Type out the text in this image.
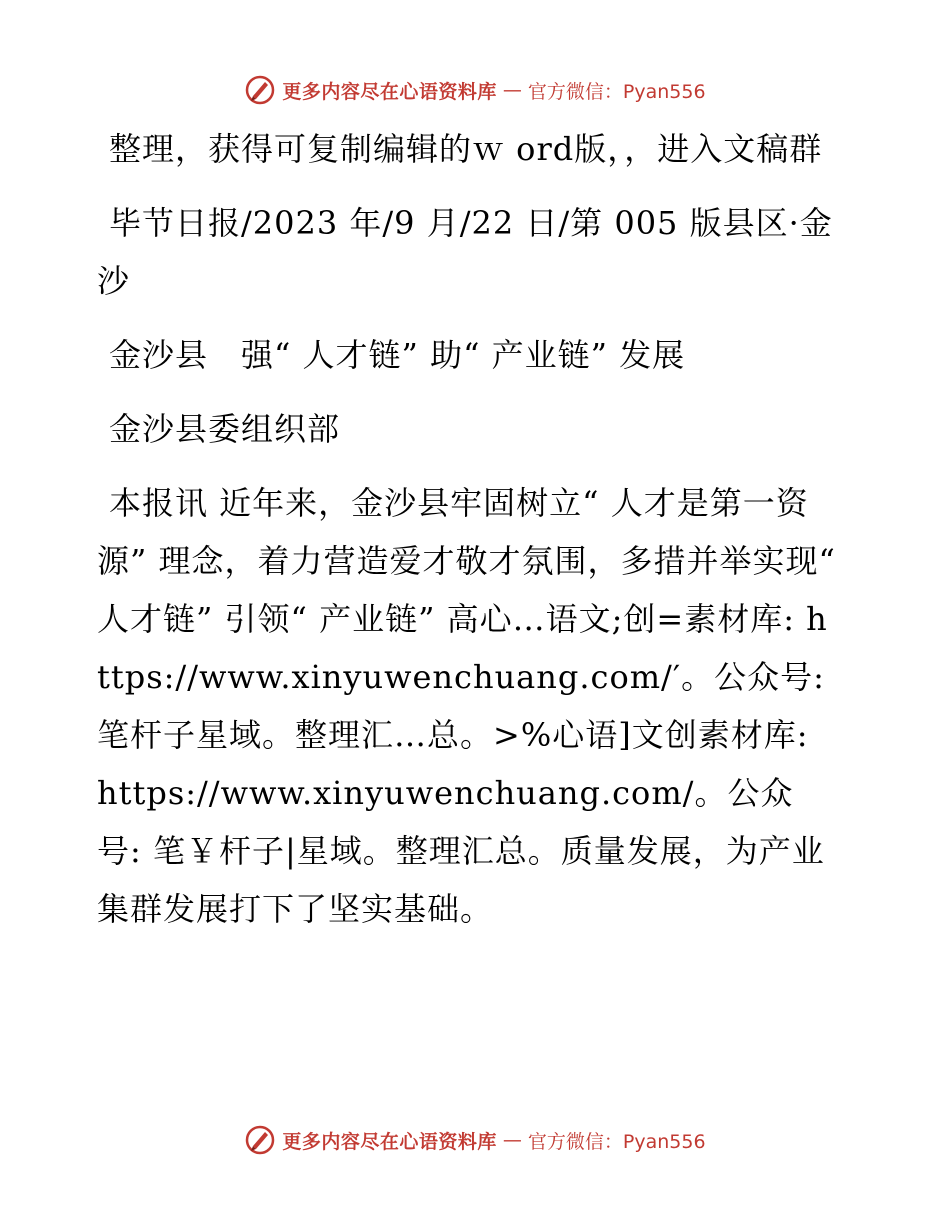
更多内容尽在心语资料库 — 官方微信：Pyan556

整理，获得可复制编辑的ｗ ord版，，进入文稿群

毕节日报/2023 年/9 月/22 日/第 005 版县区·金沙

金沙县　强“ 人才链” 助“ 产业链” 发展

金沙县委组织部

本报讯 近年来，金沙县牢固树立“ 人才是第一资源” 理念，着力营造爱才敬才氛围，多措并举实现“ 人才链” 引领“ 产业链” 高心…语文;创=素材库: https://www.xinyuwenchuang.com/′。公众号: 笔杆子星域。整理汇…总。>%心语]文创素材库: https://www.xinyuwenchuang.com/。公众号: 笔￥杆子|星域。整理汇总。质量发展，为产业集群发展打下了坚实基础。

更多内容尽在心语资料库 — 官方微信：Pyan556
